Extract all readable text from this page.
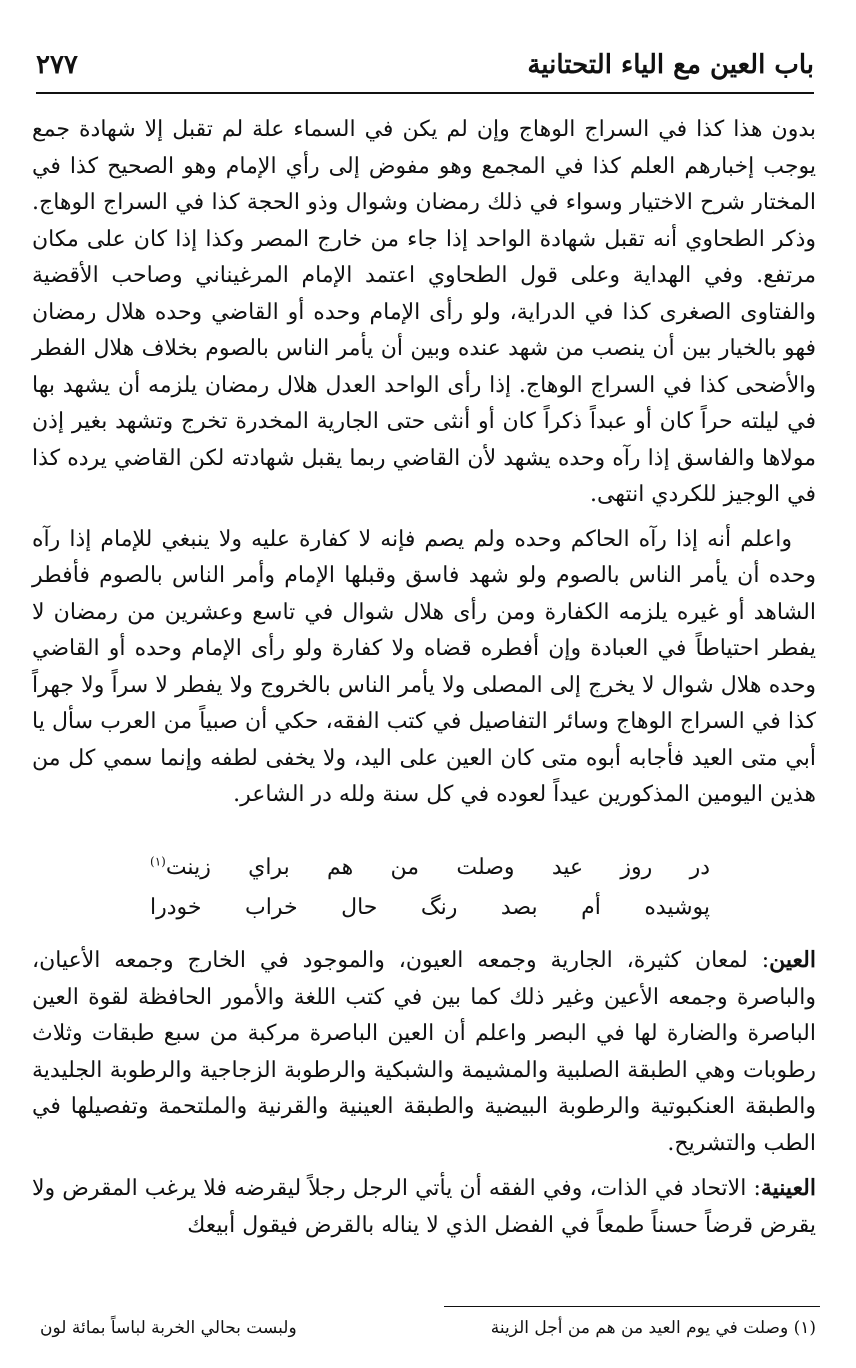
باب العين مع الياء التحتانية
٢٧٧

بدون هذا كذا في السراج الوهاج وإن لم يكن في السماء علة لم تقبل إلا شهادة جمع يوجب إخبارهم العلم كذا في المجمع وهو مفوض إلى رأي الإمام وهو الصحيح كذا في المختار شرح الاختيار وسواء في ذلك رمضان وشوال وذو الحجة كذا في السراج الوهاج. وذكر الطحاوي أنه تقبل شهادة الواحد إذا جاء من خارج المصر وكذا إذا كان على مكان مرتفع. وفي الهداية وعلى قول الطحاوي اعتمد الإمام المرغيناني وصاحب الأقضية والفتاوى الصغرى كذا في الدراية، ولو رأى الإمام وحده أو القاضي وحده هلال رمضان فهو بالخيار بين أن ينصب من شهد عنده وبين أن يأمر الناس بالصوم بخلاف هلال الفطر والأضحى كذا في السراج الوهاج. إذا رأى الواحد العدل هلال رمضان يلزمه أن يشهد بها في ليلته حراً كان أو عبداً ذكراً كان أو أنثى حتى الجارية المخدرة تخرج وتشهد بغير إذن مولاها والفاسق إذا رآه وحده يشهد لأن القاضي ربما يقبل شهادته لكن القاضي يرده كذا في الوجيز للكردي انتهى.

واعلم أنه إذا رآه الحاكم وحده ولم يصم فإنه لا كفارة عليه ولا ينبغي للإمام إذا رآه وحده أن يأمر الناس بالصوم ولو شهد فاسق وقبلها الإمام وأمر الناس بالصوم فأفطر الشاهد أو غيره يلزمه الكفارة ومن رأى هلال شوال في تاسع وعشرين من رمضان لا يفطر احتياطاً في العبادة وإن أفطره قضاه ولا كفارة ولو رأى الإمام وحده أو القاضي وحده هلال شوال لا يخرج إلى المصلى ولا يأمر الناس بالخروج ولا يفطر لا سراً ولا جهراً كذا في السراج الوهاج وسائر التفاصيل في كتب الفقه، حكي أن صبياً من العرب سأل يا أبي متى العيد فأجابه أبوه متى كان العين على اليد، ولا يخفى لطفه وإنما سمي كل من هذين اليومين المذكورين عيداً لعوده في كل سنة ولله در الشاعر.

در روز عيد وصلت من هم براي زينت$^{(١)}$
پوشيده أم بصد رنگ حال خراب خودرا

العين: لمعان كثيرة، الجارية وجمعه العيون، والموجود في الخارج وجمعه الأعيان، والباصرة وجمعه الأعين وغير ذلك كما بين في كتب اللغة والأمور الحافظة لقوة العين الباصرة والضارة لها في البصر واعلم أن العين الباصرة مركبة من سبع طبقات وثلاث رطوبات وهي الطبقة الصلبية والمشيمة والشبكية والرطوبة الزجاجية والرطوبة الجليدية والطبقة العنكبوتية والرطوبة البيضية والطبقة العينية والقرنية والملتحمة وتفصيلها في الطب والتشريح.

العينية: الاتحاد في الذات، وفي الفقه أن يأتي الرجل رجلاً ليقرضه فلا يرغب المقرض ولا يقرض قرضاً حسناً طمعاً في الفضل الذي لا يناله بالقرض فيقول أبيعك

(١) وصلت في يوم العيد من هم من أجل الزينة
ولبست بحالي الخربة لباساً بمائة لون
